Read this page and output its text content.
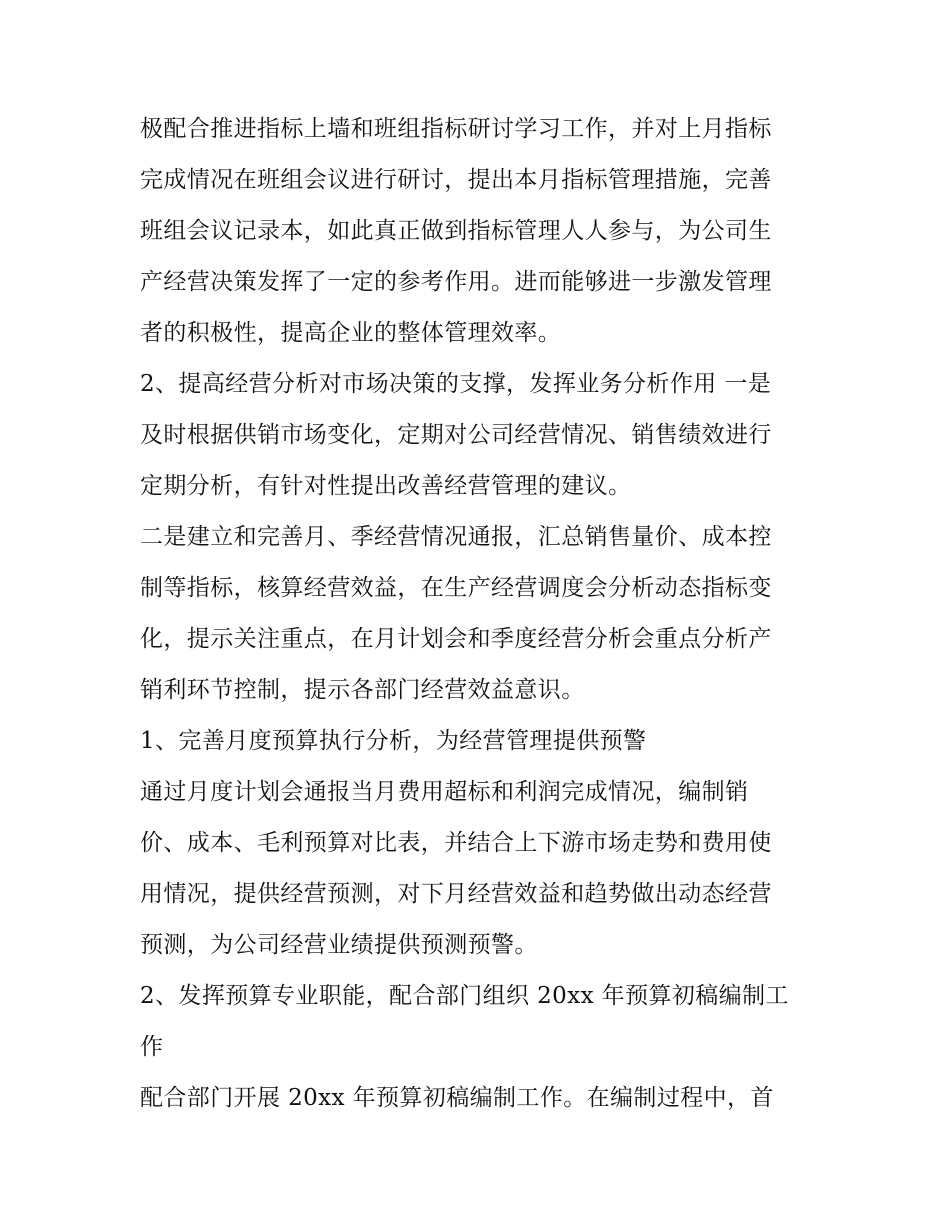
极配合推进指标上墙和班组指标研讨学习工作，并对上月指标
完成情况在班组会议进行研讨，提出本月指标管理措施，完善
班组会议记录本，如此真正做到指标管理人人参与，为公司生
产经营决策发挥了一定的参考作用。进而能够进一步激发管理
者的积极性，提高企业的整体管理效率。
2、提高经营分析对市场决策的支撑，发挥业务分析作用 一是
及时根据供销市场变化，定期对公司经营情况、销售绩效进行
定期分析，有针对性提出改善经营管理的建议。
二是建立和完善月、季经营情况通报，汇总销售量价、成本控
制等指标，核算经营效益，在生产经营调度会分析动态指标变
化，提示关注重点，在月计划会和季度经营分析会重点分析产
销利环节控制，提示各部门经营效益意识。
1、完善月度预算执行分析，为经营管理提供预警
通过月度计划会通报当月费用超标和利润完成情况，编制销
价、成本、毛利预算对比表，并结合上下游市场走势和费用使
用情况，提供经营预测，对下月经营效益和趋势做出动态经营
预测，为公司经营业绩提供预测预警。
2、发挥预算专业职能，配合部门组织 20xx 年预算初稿编制工
作
配合部门开展 20xx 年预算初稿编制工作。在编制过程中，首
